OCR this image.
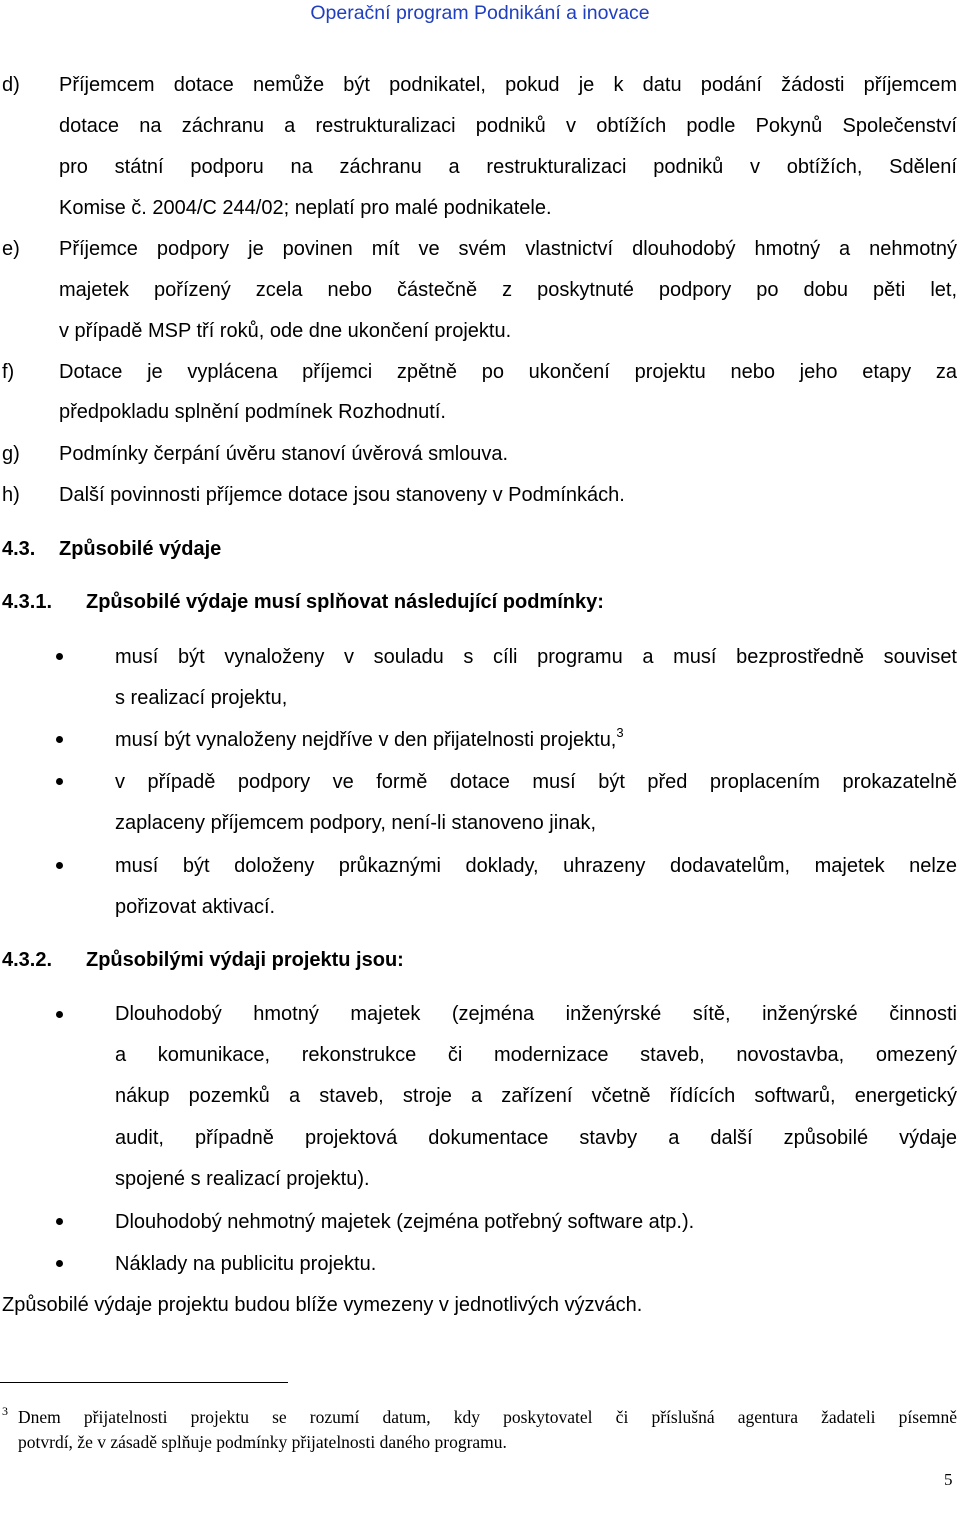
Operační program Podnikání a inovace
d) Příjemcem dotace nemůže být podnikatel, pokud je k datu podání žádosti příjemcem
dotace na záchranu a restrukturalizaci podniků v obtížích podle Pokynů Společenství
pro státní podporu na záchranu a restrukturalizaci podniků v obtížích, Sdělení
Komise č. 2004/C 244/02; neplatí pro malé podnikatele.
e) Příjemce podpory je povinen mít ve svém vlastnictví dlouhodobý hmotný a nehmotný
majetek pořízený zcela nebo částečně z poskytnuté podpory po dobu pěti let,
v případě MSP tří roků, ode dne ukončení projektu.
f) Dotace je vyplácena příjemci zpětně po ukončení projektu nebo jeho etapy za
předpokladu splnění podmínek Rozhodnutí.
g) Podmínky čerpání úvěru stanoví úvěrová smlouva.
h) Další povinnosti příjemce dotace jsou stanoveny v Podmínkách.
4.3. Způsobilé výdaje
4.3.1. Způsobilé výdaje musí splňovat následující podmínky:
musí být vynaloženy v souladu s cíli programu a musí bezprostředně souviset
s realizací projektu,
musí být vynaloženy nejdříve v den přijatelnosti projektu,$^3$
v případě podpory ve formě dotace musí být před proplacením prokazatelně
zaplaceny příjemcem podpory, není-li stanoveno jinak,
musí být doloženy průkaznými doklady, uhrazeny dodavatelům, majetek nelze
pořizovat aktivací.
4.3.2. Způsobilými výdaji projektu jsou:
Dlouhodobý hmotný majetek (zejména inženýrské sítě, inženýrské činnosti
a komunikace, rekonstrukce či modernizace staveb, novostavba, omezený
nákup pozemků a staveb, stroje a zařízení včetně řídících softwarů, energetický
audit, případně projektová dokumentace stavby a další způsobilé výdaje
spojené s realizací projektu).
Dlouhodobý nehmotný majetek (zejména potřebný software atp.).
Náklady na publicitu projektu.
Způsobilé výdaje projektu budou blíže vymezeny v jednotlivých výzvách.
3 Dnem přijatelnosti projektu se rozumí datum, kdy poskytovatel či příslušná agentura žadateli písemně
potvrdí, že v zásadě splňuje podmínky přijatelnosti daného programu.
5
